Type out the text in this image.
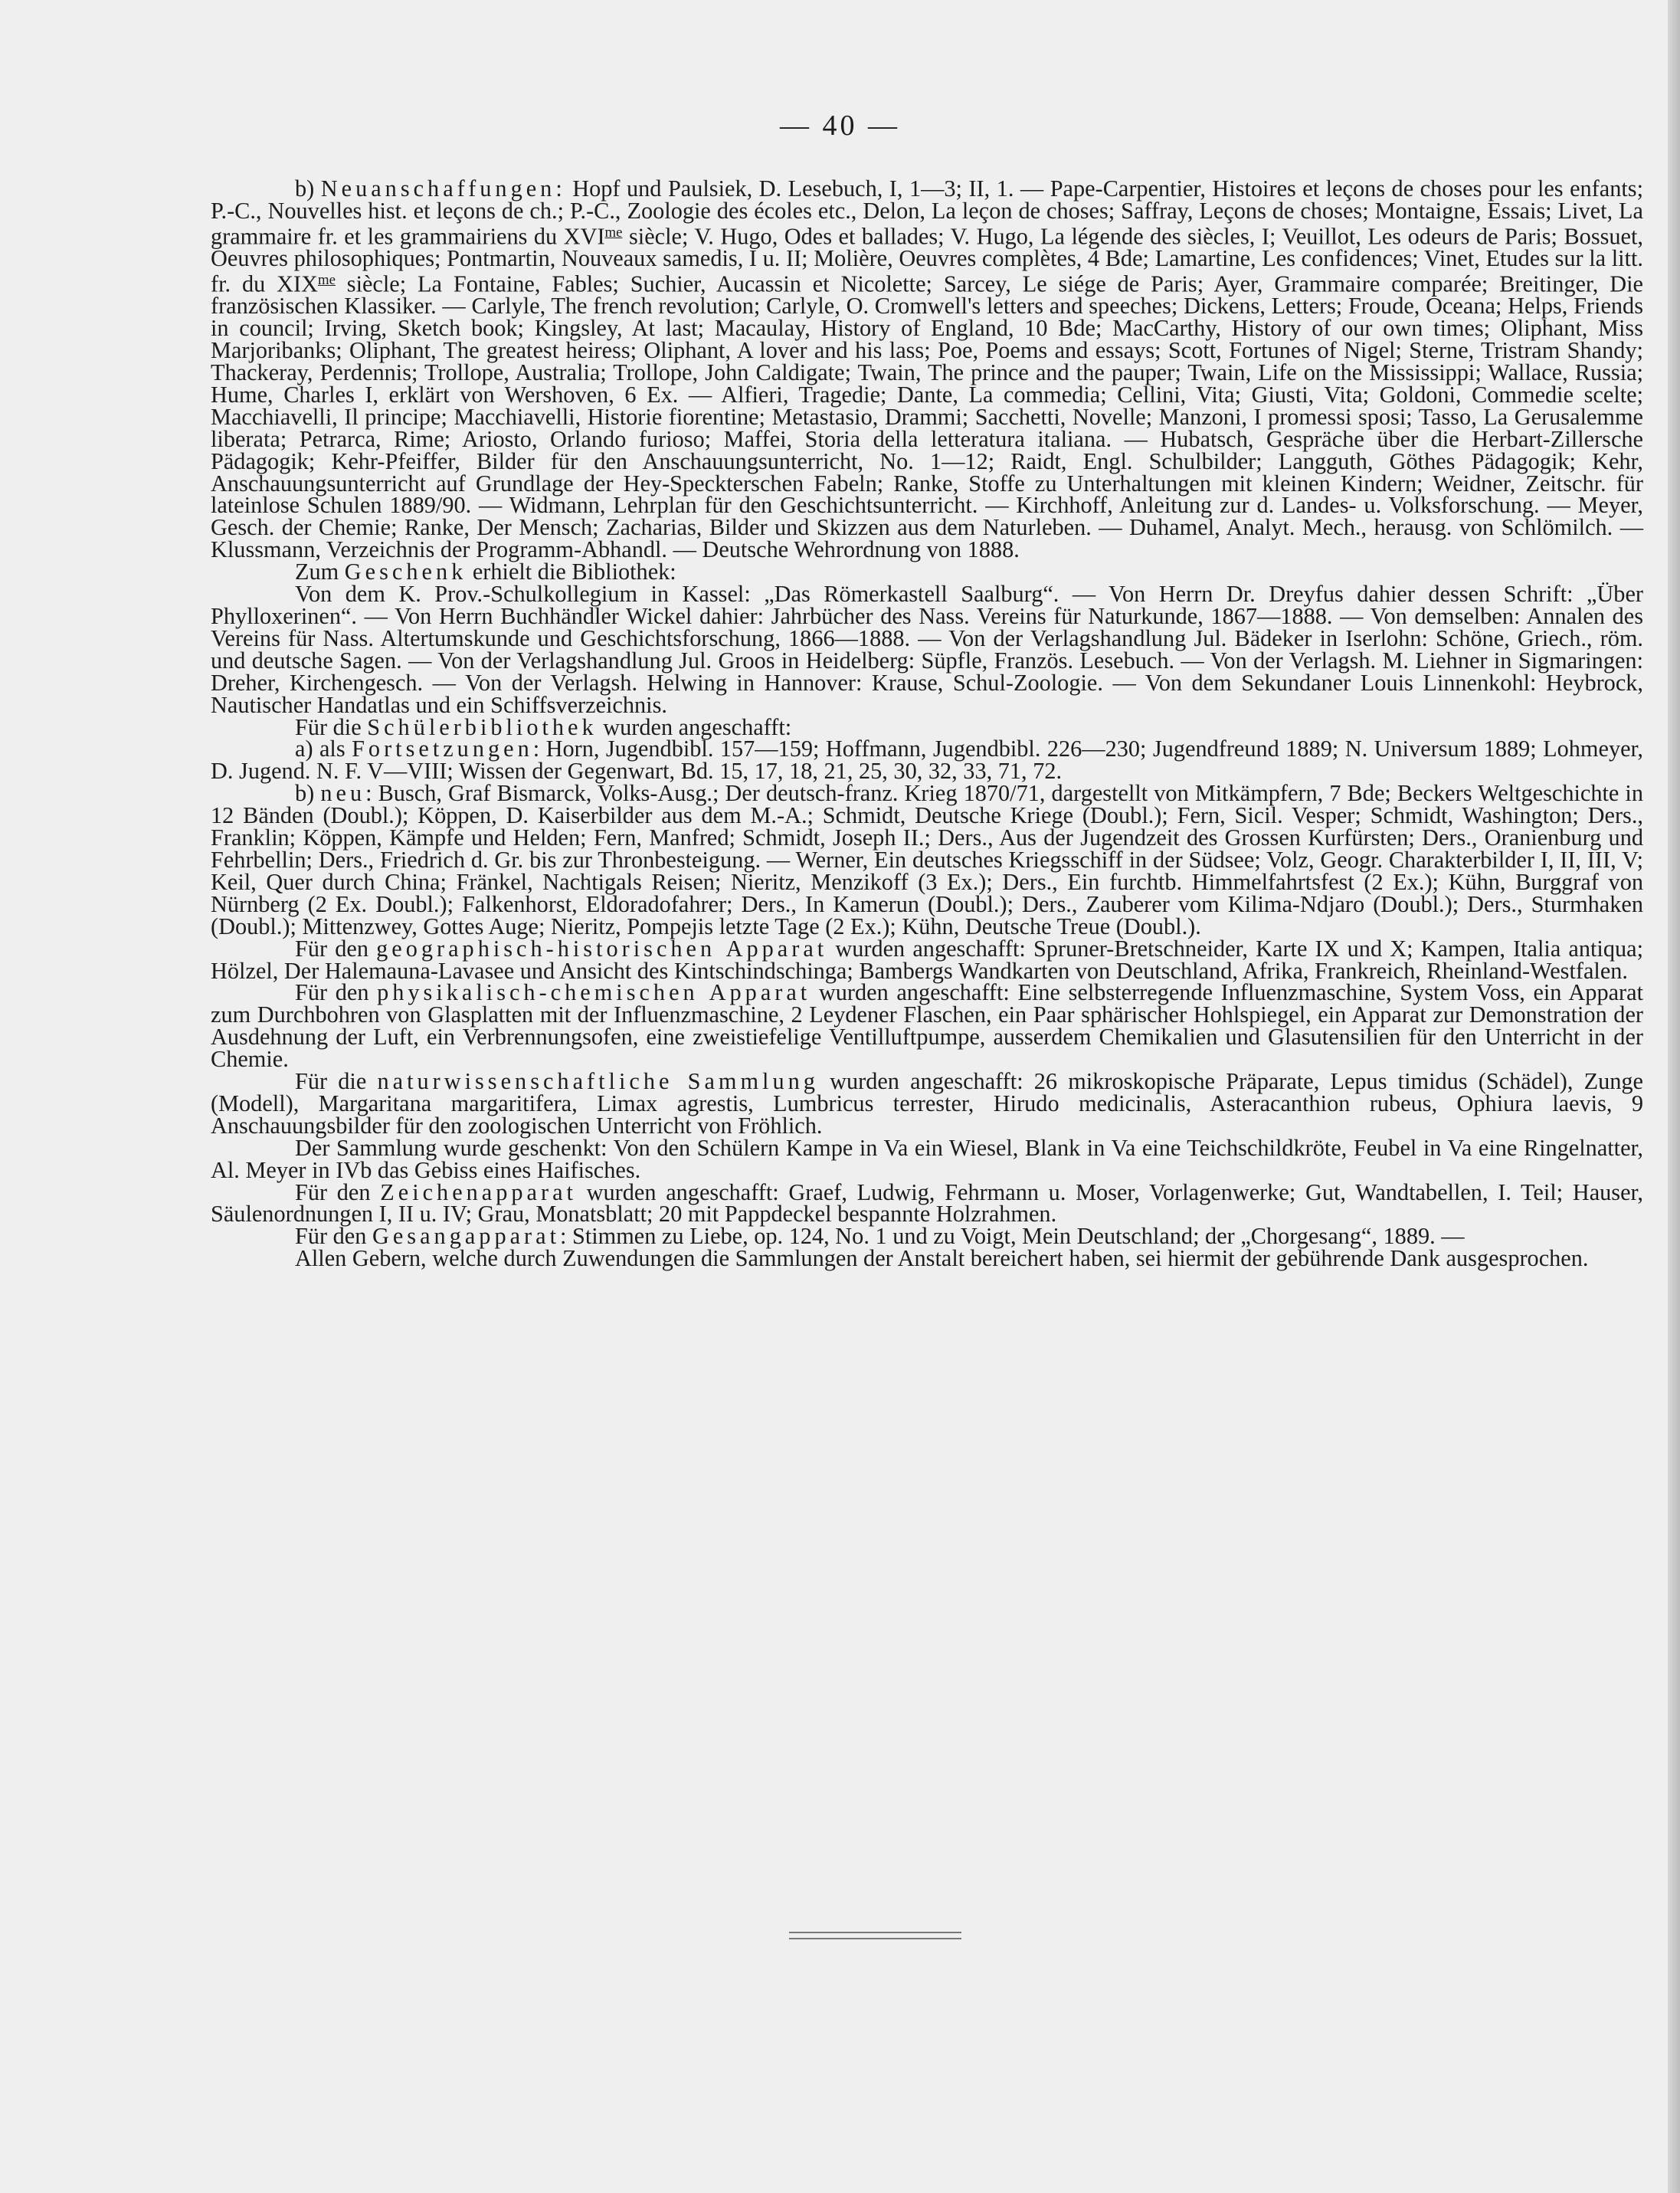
— 40 —

b) Neuanschaffungen: Hopf und Paulsiek, D. Lesebuch, I, 1—3; II, 1. — Pape-Carpentier, Histoires et leçons de choses pour les enfants; P.-C., Nouvelles hist. et leçons de ch.; P.-C., Zoologie des écoles etc., Delon, La leçon de choses; Saffray, Leçons de choses; Montaigne, Essais; Livet, La grammaire fr. et les grammairiens du $XVI^{me}$ siècle; V. Hugo, Odes et ballades; V. Hugo, La légende des siècles, I; Veuillot, Les odeurs de Paris; Bossuet, Oeuvres philosophiques; Pontmartin, Nouveaux samedis, I u. II; Molière, Oeuvres complètes, 4 Bde; Lamartine, Les confidences; Vinet, Etudes sur la litt. fr. du $XIX^{me}$ siècle; La Fontaine, Fables; Suchier, Aucassin et Nicolette; Sarcey, Le siége de Paris; Ayer, Grammaire comparée; Breitinger, Die französischen Klassiker. — Carlyle, The french revolution; Carlyle, O. Cromwell's letters and speeches; Dickens, Letters; Froude, Oceana; Helps, Friends in council; Irving, Sketch book; Kingsley, At last; Macaulay, History of England, 10 Bde; MacCarthy, History of our own times; Oliphant, Miss Marjoribanks; Oliphant, The greatest heiress; Oliphant, A lover and his lass; Poe, Poems and essays; Scott, Fortunes of Nigel; Sterne, Tristram Shandy; Thackeray, Perdennis; Trollope, Australia; Trollope, John Caldigate; Twain, The prince and the pauper; Twain, Life on the Mississippi; Wallace, Russia; Hume, Charles I, erklärt von Wershoven, 6 Ex. — Alfieri, Tragedie; Dante, La commedia; Cellini, Vita; Giusti, Vita; Goldoni, Commedie scelte; Macchiavelli, Il principe; Macchiavelli, Historie fiorentine; Metastasio, Drammi; Sacchetti, Novelle; Manzoni, I promessi sposi; Tasso, La Gerusalemme liberata; Petrarca, Rime; Ariosto, Orlando furioso; Maffei, Storia della letteratura italiana. — Hubatsch, Gespräche über die Herbart-Zillersche Pädagogik; Kehr-Pfeiffer, Bilder für den Anschauungsunterricht, No. 1—12; Raidt, Engl. Schulbilder; Langguth, Göthes Pädagogik; Kehr, Anschauungsunterricht auf Grundlage der Hey-Speckterschen Fabeln; Ranke, Stoffe zu Unterhaltungen mit kleinen Kindern; Weidner, Zeitschr. für lateinlose Schulen 1889/90. — Widmann, Lehrplan für den Geschichtsunterricht. — Kirchhoff, Anleitung zur d. Landes- u. Volksforschung. — Meyer, Gesch. der Chemie; Ranke, Der Mensch; Zacharias, Bilder und Skizzen aus dem Naturleben. — Duhamel, Analyt. Mech., herausg. von Schlömilch. — Klussmann, Verzeichnis der Programm-Abhandl. — Deutsche Wehrordnung von 1888.

Zum Geschenk erhielt die Bibliothek:

Von dem K. Prov.-Schulkollegium in Kassel: „Das Römerkastell Saalburg“. — Von Herrn Dr. Dreyfus dahier dessen Schrift: „Über Phylloxerinen“. — Von Herrn Buchhändler Wickel dahier: Jahrbücher des Nass. Vereins für Naturkunde, 1867—1888. — Von demselben: Annalen des Vereins für Nass. Altertumskunde und Geschichtsforschung, 1866—1888. — Von der Verlagshandlung Jul. Bädeker in Iserlohn: Schöne, Griech., röm. und deutsche Sagen. — Von der Verlagshandlung Jul. Groos in Heidelberg: Süpfle, Französ. Lesebuch. — Von der Verlagsh. M. Liehner in Sigmaringen: Dreher, Kirchengesch. — Von der Verlagsh. Helwing in Hannover: Krause, Schul-Zoologie. — Von dem Sekundaner Louis Linnenkohl: Heybrock, Nautischer Handatlas und ein Schiffsverzeichnis.

Für die Schülerbibliothek wurden angeschafft:

a) als Fortsetzungen: Horn, Jugendbibl. 157—159; Hoffmann, Jugendbibl. 226—230; Jugendfreund 1889; N. Universum 1889; Lohmeyer, D. Jugend. N. F. V—VIII; Wissen der Gegenwart, Bd. 15, 17, 18, 21, 25, 30, 32, 33, 71, 72.

b) neu: Busch, Graf Bismarck, Volks-Ausg.; Der deutsch-franz. Krieg 1870/71, dargestellt von Mitkämpfern, 7 Bde; Beckers Weltgeschichte in 12 Bänden (Doubl.); Köppen, D. Kaiserbilder aus dem M.-A.; Schmidt, Deutsche Kriege (Doubl.); Fern, Sicil. Vesper; Schmidt, Washington; Ders., Franklin; Köppen, Kämpfe und Helden; Fern, Manfred; Schmidt, Joseph II.; Ders., Aus der Jugendzeit des Grossen Kurfürsten; Ders., Oranienburg und Fehrbellin; Ders., Friedrich d. Gr. bis zur Thronbesteigung. — Werner, Ein deutsches Kriegsschiff in der Südsee; Volz, Geogr. Charakterbilder I, II, III, V; Keil, Quer durch China; Fränkel, Nachtigals Reisen; Nieritz, Menzikoff (3 Ex.); Ders., Ein furchtb. Himmelfahrtsfest (2 Ex.); Kühn, Burggraf von Nürnberg (2 Ex. Doubl.); Falkenhorst, Eldoradofahrer; Ders., In Kamerun (Doubl.); Ders., Zauberer vom Kilima-Ndjaro (Doubl.); Ders., Sturmhaken (Doubl.); Mittenzwey, Gottes Auge; Nieritz, Pompejis letzte Tage (2 Ex.); Kühn, Deutsche Treue (Doubl.).

Für den geographisch-historischen Apparat wurden angeschafft: Spruner-Bretschneider, Karte IX und X; Kampen, Italia antiqua; Hölzel, Der Halemauna-Lavasee und Ansicht des Kintschindschinga; Bambergs Wandkarten von Deutschland, Afrika, Frankreich, Rheinland-Westfalen.

Für den physikalisch-chemischen Apparat wurden angeschafft: Eine selbsterregende Influenzmaschine, System Voss, ein Apparat zum Durchbohren von Glasplatten mit der Influenzmaschine, 2 Leydener Flaschen, ein Paar sphärischer Hohlspiegel, ein Apparat zur Demonstration der Ausdehnung der Luft, ein Verbrennungsofen, eine zweistiefelige Ventilluftpumpe, ausserdem Chemikalien und Glasutensilien für den Unterricht in der Chemie.

Für die naturwissenschaftliche Sammlung wurden angeschafft: 26 mikroskopische Präparate, Lepus timidus (Schädel), Zunge (Modell), Margaritana margaritifera, Limax agrestis, Lumbricus terrester, Hirudo medicinalis, Asteracanthion rubeus, Ophiura laevis, 9 Anschauungsbilder für den zoologischen Unterricht von Fröhlich.

Der Sammlung wurde geschenkt: Von den Schülern Kampe in Va ein Wiesel, Blank in Va eine Teichschildkröte, Feubel in Va eine Ringelnatter, Al. Meyer in IVb das Gebiss eines Haifisches.

Für den Zeichenapparat wurden angeschafft: Graef, Ludwig, Fehrmann u. Moser, Vorlagenwerke; Gut, Wandtabellen, I. Teil; Hauser, Säulenordnungen I, II u. IV; Grau, Monatsblatt; 20 mit Pappdeckel bespannte Holzrahmen.

Für den Gesangapparat: Stimmen zu Liebe, op. 124, No. 1 und zu Voigt, Mein Deutschland; der „Chorgesang“, 1889. —

Allen Gebern, welche durch Zuwendungen die Sammlungen der Anstalt bereichert haben, sei hiermit der gebührende Dank ausgesprochen.
